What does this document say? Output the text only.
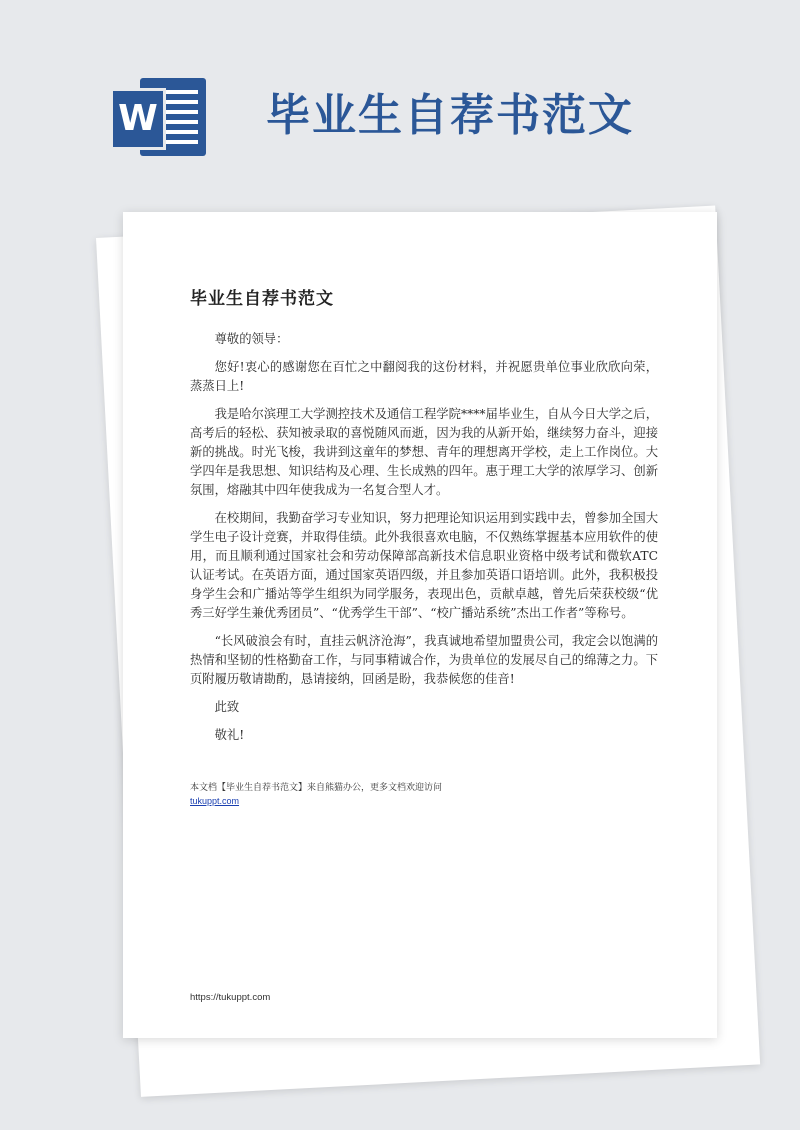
W 毕业生自荐书范文
毕业生自荐书范文

尊敬的领导：

您好!衷心的感谢您在百忙之中翻阅我的这份材料，并祝愿贵单位事业欣欣向荣，蒸蒸日上!

我是哈尔滨理工大学测控技术及通信工程学院****届毕业生，自从今日大学之后，高考后的轻松、获知被录取的喜悦随风而逝，因为我的从新开始，继续努力奋斗，迎接新的挑战。时光飞梭，我讲到这童年的梦想、青年的理想离开学校，走上工作岗位。大学四年是我思想、知识结构及心理、生长成熟的四年。惠于理工大学的浓厚学习、创新氛围，熔融其中四年使我成为一名复合型人才。

在校期间，我勤奋学习专业知识，努力把理论知识运用到实践中去，曾参加全国大学生电子设计竞赛，并取得佳绩。此外我很喜欢电脑，不仅熟练掌握基本应用软件的使用，而且顺利通过国家社会和劳动保障部高新技术信息职业资格中级考试和微软ATC认证考试。在英语方面，通过国家英语四级，并且参加英语口语培训。此外，我积极投身学生会和广播站等学生组织为同学服务，表现出色，贡献卓越，曾先后荣获校级“优秀三好学生兼优秀团员”、“优秀学生干部”、“校广播站系统”杰出工作者”等称号。

“长风破浪会有时，直挂云帆济沧海”，我真诚地希望加盟贵公司，我定会以饱满的热情和坚韧的性格勤奋工作，与同事精诚合作，为贵单位的发展尽自己的绵薄之力。下页附履历敬请勘酌，恳请接纳，回函是盼，我恭候您的佳音!

此致

敬礼!

本文档【毕业生自荐书范文】来自熊猫办公，更多文档欢迎访问
tukuppt.com
https://tukuppt.com
